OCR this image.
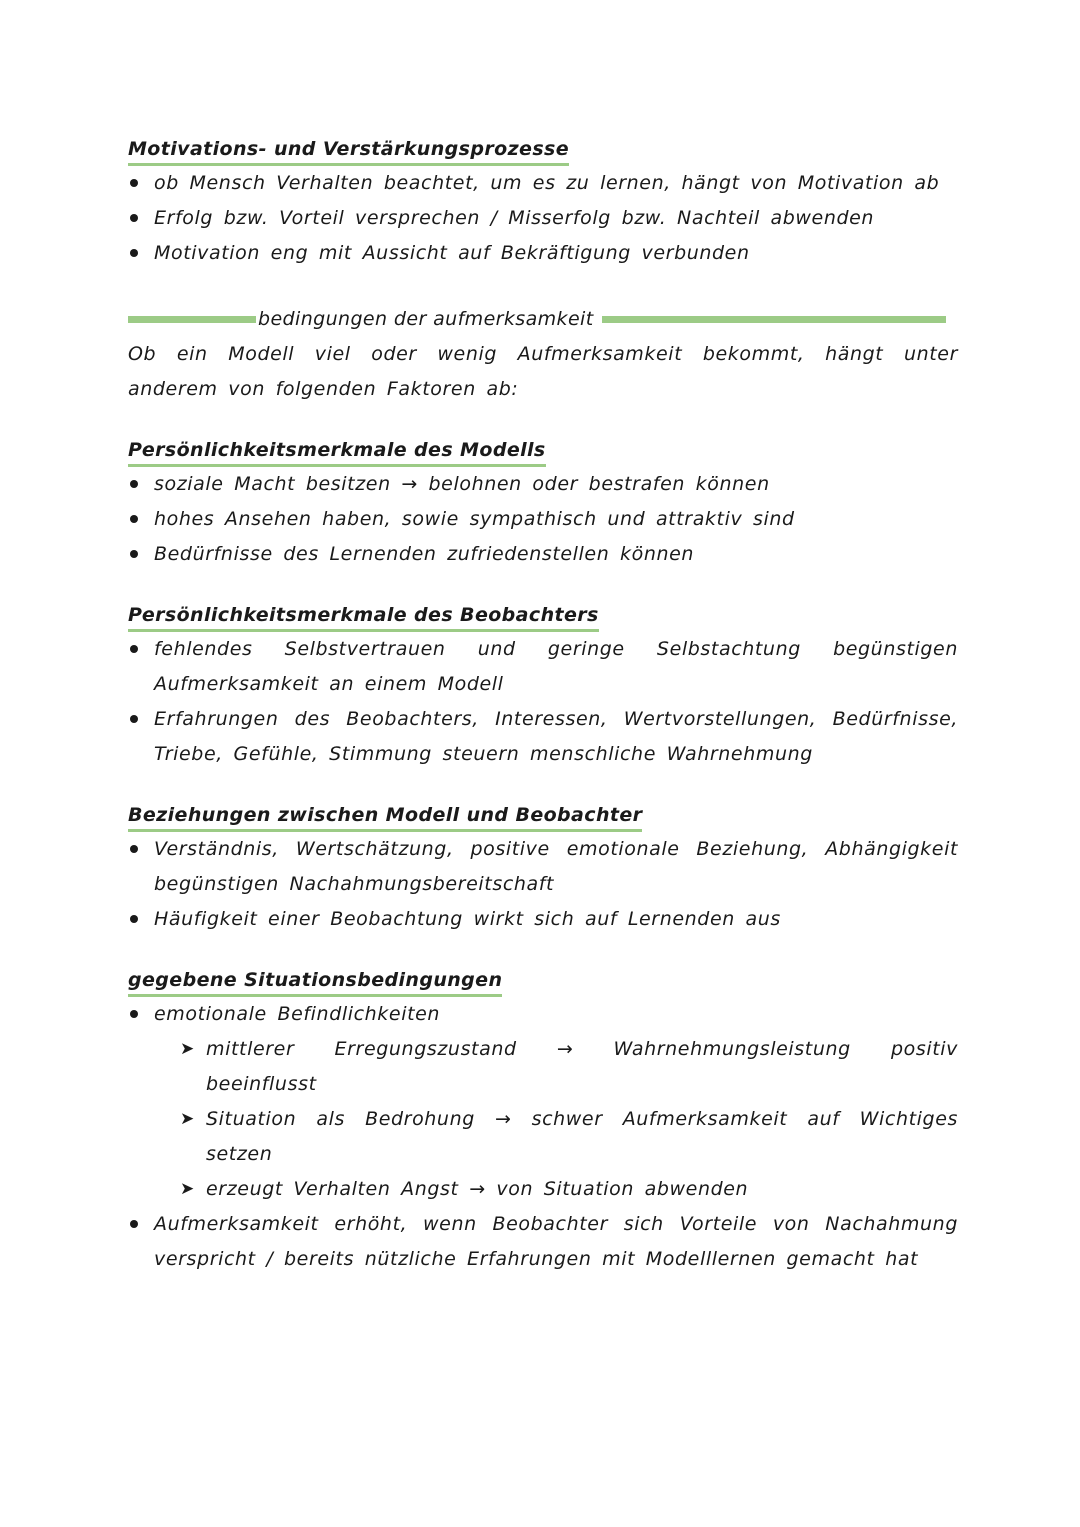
Motivations- und Verstärkungsprozesse
ob Mensch Verhalten beachtet, um es zu lernen, hängt von Motivation ab
Erfolg bzw. Vorteil versprechen / Misserfolg bzw. Nachteil abwenden
Motivation eng mit Aussicht auf Bekräftigung verbunden
bedingungen der aufmerksamkeit

Ob ein Modell viel oder wenig Aufmerksamkeit bekommt, hängt unter anderem von folgenden Faktoren ab:

Persönlichkeitsmerkmale des Modells
soziale Macht besitzen → belohnen oder bestrafen können
hohes Ansehen haben, sowie sympathisch und attraktiv sind
Bedürfnisse des Lernenden zufriedenstellen können
Persönlichkeitsmerkmale des Beobachters
fehlendes Selbstvertrauen und geringe Selbstachtung begünstigen Aufmerksamkeit an einem Modell
Erfahrungen des Beobachters, Interessen, Wertvorstellungen, Bedürfnisse, Triebe, Gefühle, Stimmung steuern menschliche Wahrnehmung
Beziehungen zwischen Modell und Beobachter
Verständnis, Wertschätzung, positive emotionale Beziehung, Abhängigkeit begünstigen Nachahmungsbereitschaft
Häufigkeit einer Beobachtung wirkt sich auf Lernenden aus
gegebene Situationsbedingungen
emotionale Befindlichkeiten
➤ mittlerer Erregungszustand → Wahrnehmungsleistung positiv beeinflusst
➤ Situation als Bedrohung → schwer Aufmerksamkeit auf Wichtiges setzen
➤ erzeugt Verhalten Angst → von Situation abwenden
Aufmerksamkeit erhöht, wenn Beobachter sich Vorteile von Nachahmung verspricht / bereits nützliche Erfahrungen mit Modelllernen gemacht hat
